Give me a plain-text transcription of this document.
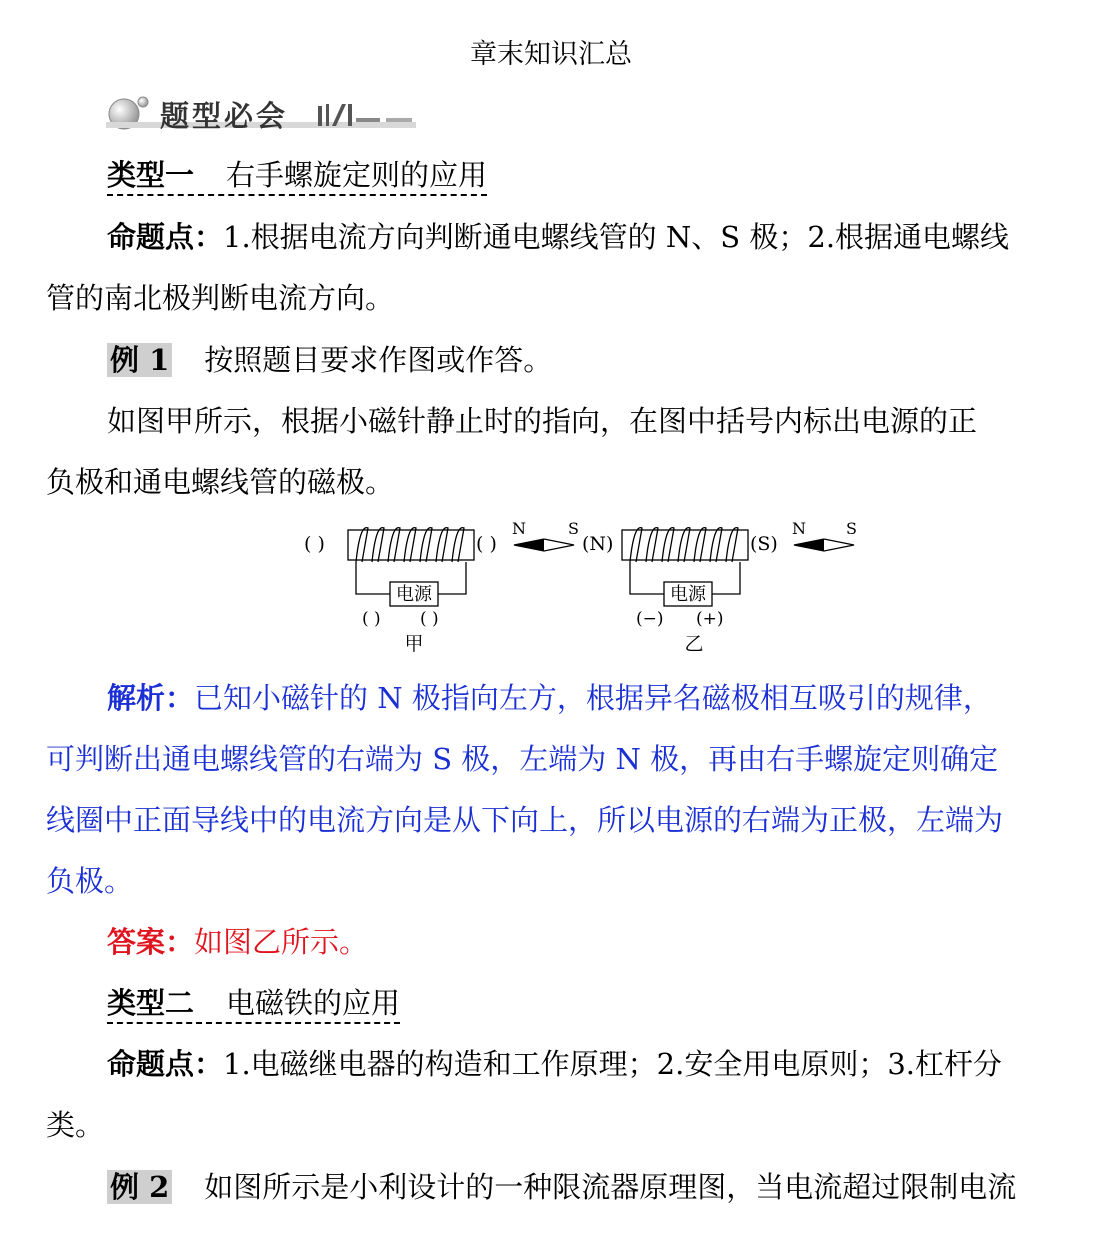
章末知识汇总
题型必会
类型一 右手螺旋定则的应用
命题点：1.根据电流方向判断通电螺线管的 N、S 极；2.根据通电螺线
管的南北极判断电流方向。
例 1 按照题目要求作图或作答。
如图甲所示，根据小磁针静止时的指向，在图中括号内标出电源的正
负极和通电螺线管的磁极。
( )	( )
电源
( ) ( )
甲
N	S
(N)	(S)
电源
(−) (+)
乙
N	S
解析：已知小磁针的 N 极指向左方，根据异名磁极相互吸引的规律，
可判断出通电螺线管的右端为 S 极，左端为 N 极，再由右手螺旋定则确定
线圈中正面导线中的电流方向是从下向上，所以电源的右端为正极，左端为
负极。
答案：如图乙所示。
类型二 电磁铁的应用
命题点：1.电磁继电器的构造和工作原理；2.安全用电原则；3.杠杆分
类。
例 2 如图所示是小利设计的一种限流器原理图，当电流超过限制电流
